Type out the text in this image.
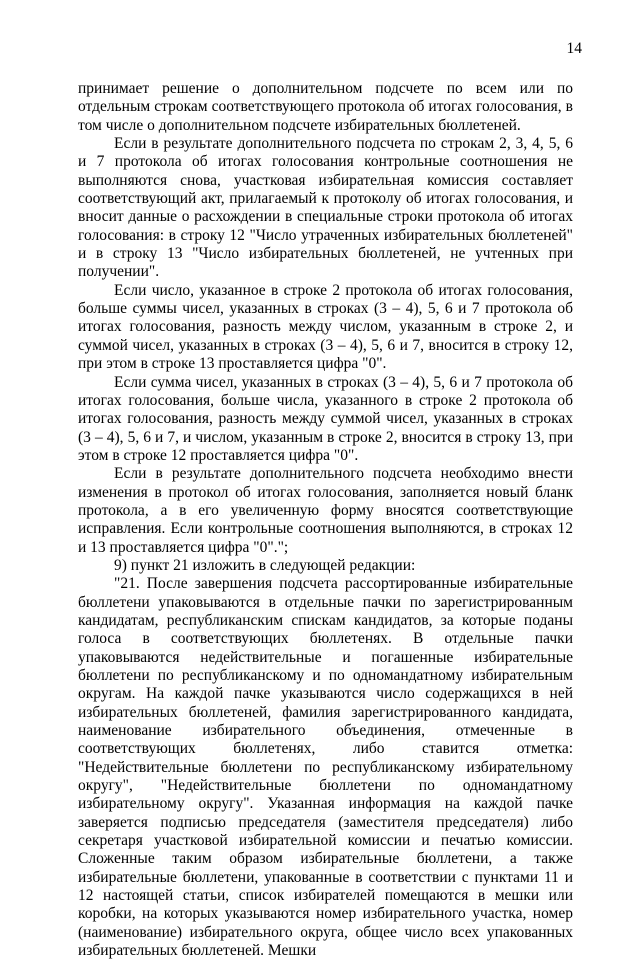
14

принимает решение о дополнительном подсчете по всем или по отдельным строкам соответствующего протокола об итогах голосования, в том числе о дополнительном подсчете избирательных бюллетеней.

Если в результате дополнительного подсчета по строкам 2, 3, 4, 5, 6 и 7 протокола об итогах голосования контрольные соотношения не выполняются снова, участковая избирательная комиссия составляет соответствующий акт, прилагаемый к протоколу об итогах голосования, и вносит данные о расхождении в специальные строки протокола об итогах голосования: в строку 12 "Число утраченных избирательных бюллетеней" и в строку 13 "Число избирательных бюллетеней, не учтенных при получении".

Если число, указанное в строке 2 протокола об итогах голосования, больше суммы чисел, указанных в строках (3 – 4), 5, 6 и 7 протокола об итогах голосования, разность между числом, указанным в строке 2, и суммой чисел, указанных в строках (3 – 4), 5, 6 и 7, вносится в строку 12, при этом в строке 13 проставляется цифра "0".

Если сумма чисел, указанных в строках (3 – 4), 5, 6 и 7 протокола об итогах голосования, больше числа, указанного в строке 2 протокола об итогах голосования, разность между суммой чисел, указанных в строках (3 – 4), 5, 6 и 7, и числом, указанным в строке 2, вносится в строку 13, при этом в строке 12 проставляется цифра "0".

Если в результате дополнительного подсчета необходимо внести изменения в протокол об итогах голосования, заполняется новый бланк протокола, а в его увеличенную форму вносятся соответствующие исправления. Если контрольные соотношения выполняются, в строках 12 и 13 проставляется цифра "0".";

9) пункт 21 изложить в следующей редакции:

"21. После завершения подсчета рассортированные избирательные бюллетени упаковываются в отдельные пачки по зарегистрированным кандидатам, республиканским спискам кандидатов, за которые поданы голоса в соответствующих бюллетенях. В отдельные пачки упаковываются недействительные и погашенные избирательные бюллетени по республиканскому и по одномандатному избирательным округам. На каждой пачке указываются число содержащихся в ней избирательных бюллетеней, фамилия зарегистрированного кандидата, наименование избирательного объединения, отмеченные в соответствующих бюллетенях, либо ставится отметка: "Недействительные бюллетени по республиканскому избирательному округу", "Недействительные бюллетени по одномандатному избирательному округу". Указанная информация на каждой пачке заверяется подписью председателя (заместителя председателя) либо секретаря участковой избирательной комиссии и печатью комиссии. Сложенные таким образом избирательные бюллетени, а также избирательные бюллетени, упакованные в соответствии с пунктами 11 и 12 настоящей статьи, список избирателей помещаются в мешки или коробки, на которых указываются номер избирательного участка, номер (наименование) избирательного округа, общее число всех упакованных избирательных бюллетеней. Мешки
